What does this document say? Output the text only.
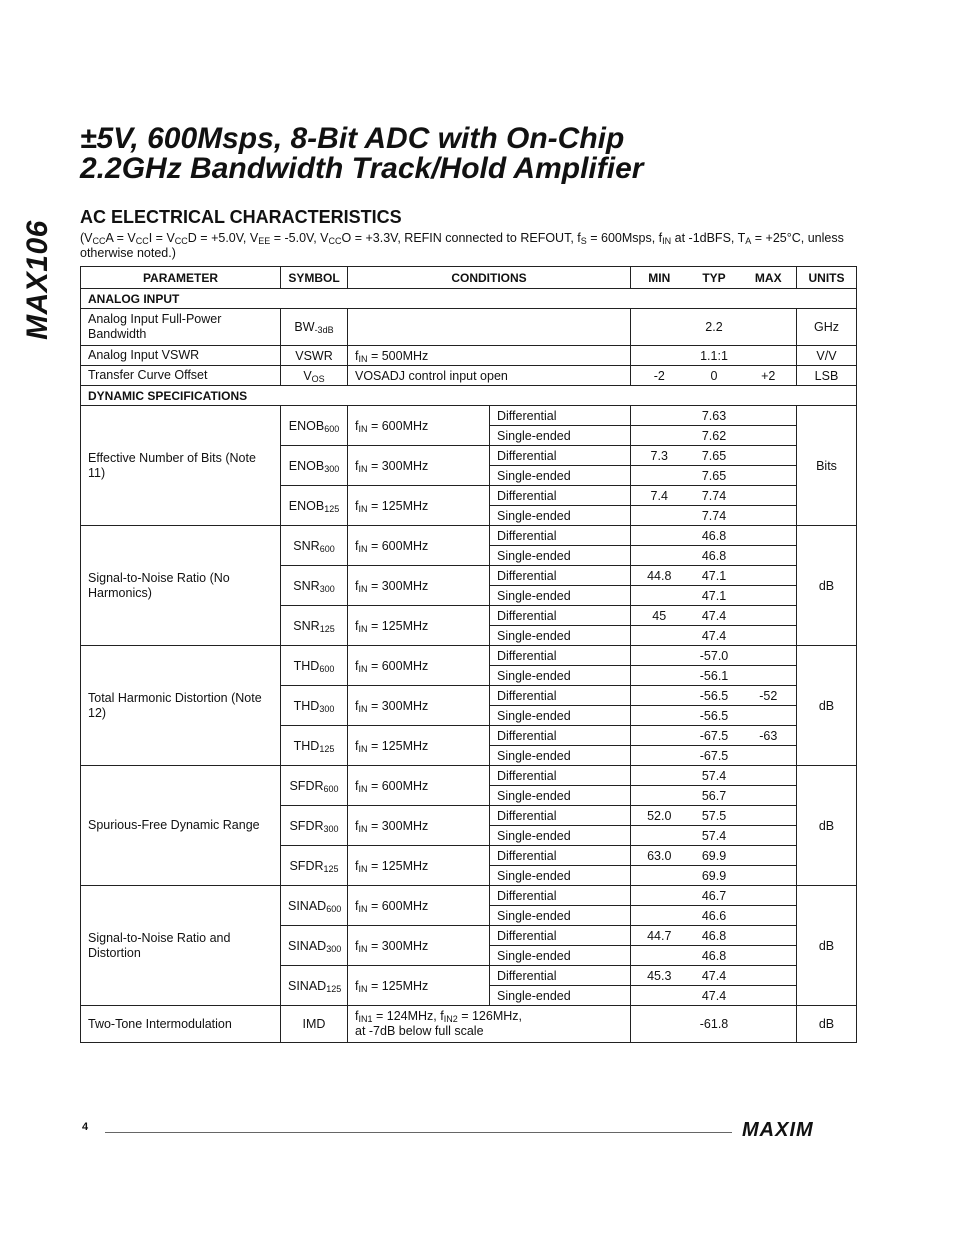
MAX106
±5V, 600Msps, 8-Bit ADC with On-Chip
2.2GHz Bandwidth Track/Hold Amplifier
AC ELECTRICAL CHARACTERISTICS
($V_{CC}A = V_{CC}I = V_{CC}D = +5.0V$, $V_{EE} = -5.0V$, $V_{CC}O = +3.3V$, REFIN connected to REFOUT, $f_S$ = 600Msps, $f_{IN}$ at -1dBFS, $T_A = +25^\circ C$, unless otherwise noted.)
PARAMETER	SYMBOL	CONDITIONS		MIN	TYP	MAX	UNITS
ANALOG INPUT							
Analog Input Full-Power Bandwidth	$BW_{-3dB}$				2.2		GHz
Analog Input VSWR	VSWR	$f_{IN} = 500MHz$			1.1:1		V/V
Transfer Curve Offset	$V_{OS}$	VOSADJ control input open		-2	0	+2	LSB
DYNAMIC SPECIFICATIONS							
Effective Number of Bits (Note 11)	$ENOB_{600}$	$f_{IN} = 600MHz$	Differential		7.63		Bits
			Single-ended		7.62		
	$ENOB_{300}$	$f_{IN} = 300MHz$	Differential	7.3	7.65		
			Single-ended		7.65		
	$ENOB_{125}$	$f_{IN} = 125MHz$	Differential	7.4	7.74		
			Single-ended		7.74		
Signal-to-Noise Ratio (No Harmonics)	$SNR_{600}$	$f_{IN} = 600MHz$	Differential		46.8		dB
			Single-ended		46.8		
	$SNR_{300}$	$f_{IN} = 300MHz$	Differential	44.8	47.1		
			Single-ended		47.1		
	$SNR_{125}$	$f_{IN} = 125MHz$	Differential	45	47.4		
			Single-ended		47.4		
Total Harmonic Distortion (Note 12)	$THD_{600}$	$f_{IN} = 600MHz$	Differential		-57.0		dB
			Single-ended		-56.1		
	$THD_{300}$	$f_{IN} = 300MHz$	Differential		-56.5	-52	
			Single-ended		-56.5		
	$THD_{125}$	$f_{IN} = 125MHz$	Differential		-67.5	-63	
			Single-ended		-67.5		
Spurious-Free Dynamic Range	$SFDR_{600}$	$f_{IN} = 600MHz$	Differential		57.4		dB
			Single-ended		56.7		
	$SFDR_{300}$	$f_{IN} = 300MHz$	Differential	52.0	57.5		
			Single-ended		57.4		
	$SFDR_{125}$	$f_{IN} = 125MHz$	Differential	63.0	69.9		
			Single-ended		69.9		
Signal-to-Noise Ratio and Distortion	$SINAD_{600}$	$f_{IN} = 600MHz$	Differential		46.7		dB
			Single-ended		46.6		
	$SINAD_{300}$	$f_{IN} = 300MHz$	Differential	44.7	46.8		
			Single-ended		46.8		
	$SINAD_{125}$	$f_{IN} = 125MHz$	Differential	45.3	47.4		
			Single-ended		47.4		
Two-Tone Intermodulation	IMD	$f_{IN1} = 124MHz$, $f_{IN2} = 126MHz$,
at -7dB below full scale			-61.8		dB
4	MAXIM
